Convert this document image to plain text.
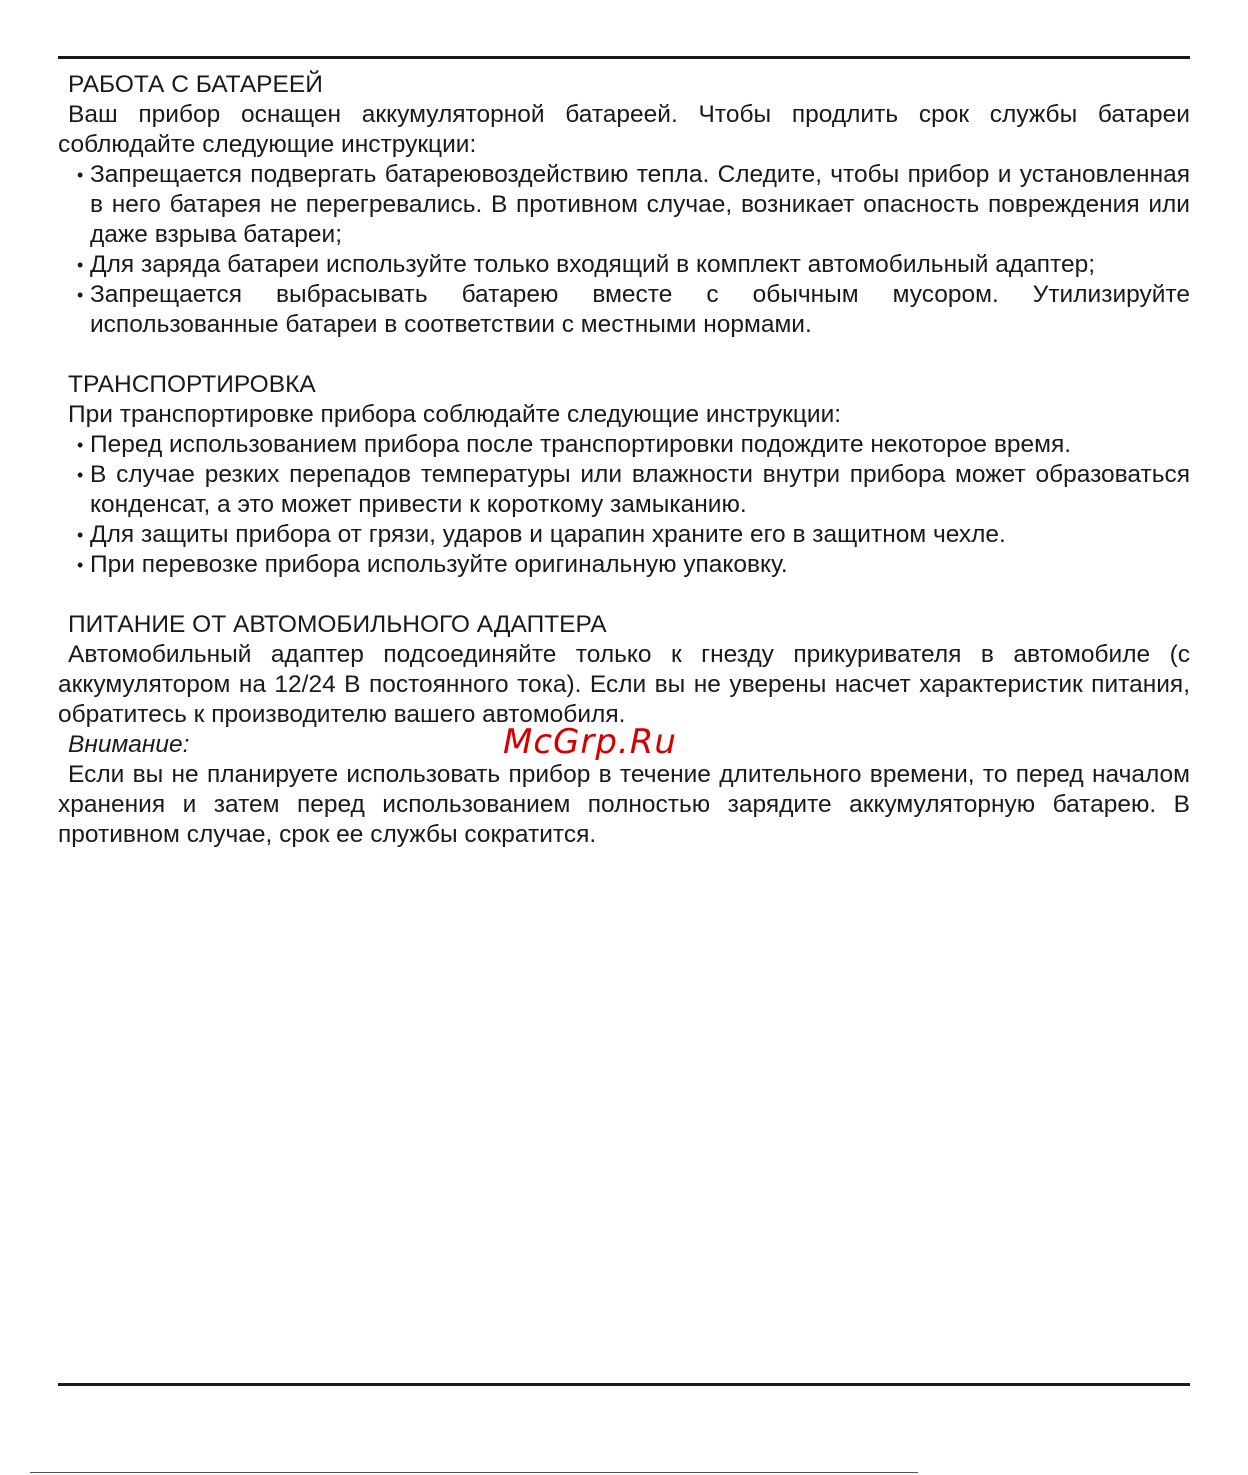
РАБОТА С БАТАРЕЕЙ

Ваш прибор оснащен аккумуляторной батареей. Чтобы продлить срок службы батареи соблюдайте следующие инструкции:

• Запрещается подвергать батареювоздействию тепла. Следите, чтобы прибор и установленная в него батарея не перегревались. В противном случае, возникает опасность повреждения или даже взрыва батареи;
• Для заряда батареи используйте только входящий в комплект автомобильный адаптер;
• Запрещается выбрасывать батарею вместе с обычным мусором. Утилизируйте использованные батареи в соответствии с местными нормами.
ТРАНСПОРТИРОВКА

При транспортировке прибора соблюдайте следующие инструкции:

• Перед использованием прибора после транспортировки подождите некоторое время.
• В случае резких перепадов температуры или влажности внутри прибора может образоваться конденсат, а это может привести к короткому замыканию.
• Для защиты прибора от грязи, ударов и царапин храните его в защитном чехле.
• При перевозке прибора используйте оригинальную упаковку.
ПИТАНИЕ ОТ АВТОМОБИЛЬНОГО АДАПТЕРА

Автомобильный адаптер подсоединяйте только к гнезду прикуривателя в автомобиле (с аккумулятором на 12/24 В постоянного тока). Если вы не уверены насчет характеристик питания, обратитесь к производителю вашего автомобиля.

Внимание:

Если вы не планируете использовать прибор в течение длительного времени, то перед началом хранения и затем перед использованием полностью зарядите аккумуляторную батарею. В противном случае, срок ее службы сократится.

McGrp.Ru
